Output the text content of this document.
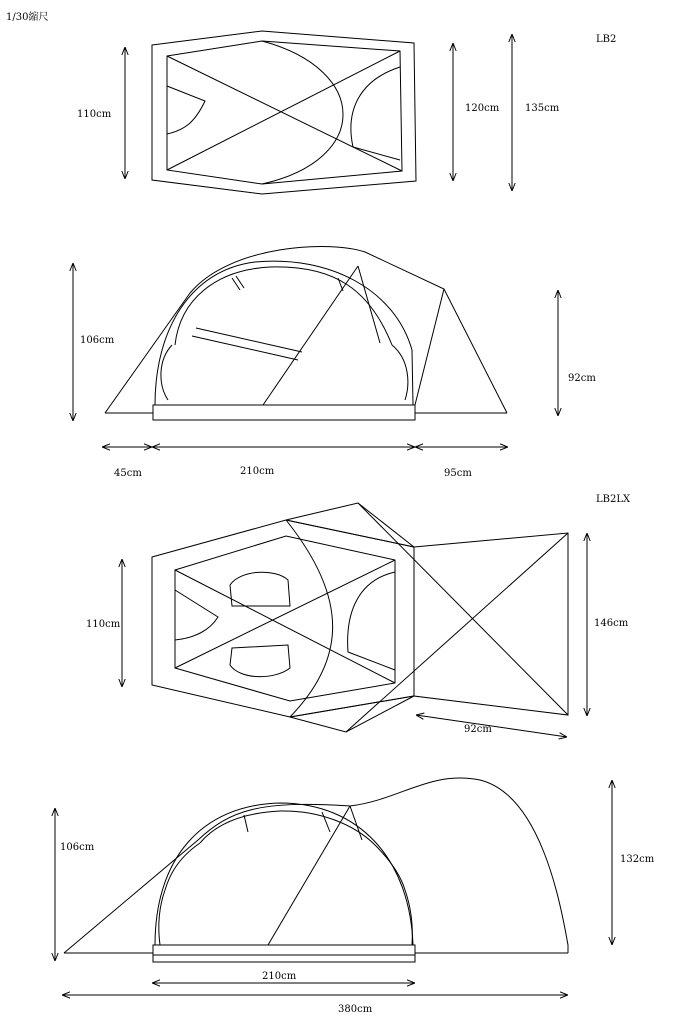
1/30縮尺
LB2
110cm
120cm	135cm
106cm
92cm
45cm	210cm	95cm
LB2LX
110cm	146cm
92cm
106cm
132cm
210cm
380cm
